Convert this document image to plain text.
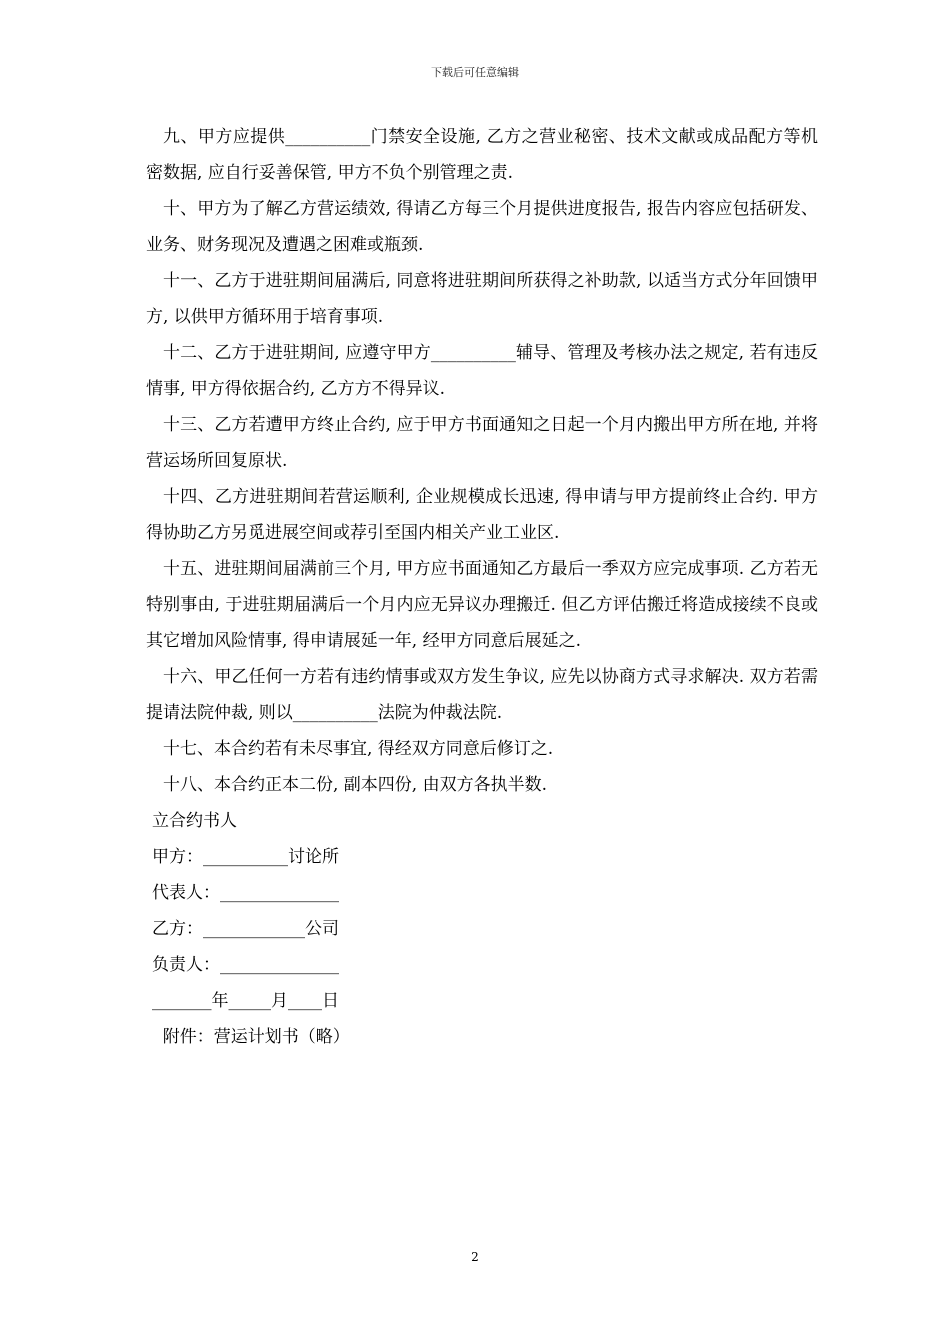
下载后可任意编辑

九、甲方应提供__________门禁安全设施, 乙方之营业秘密、技术文献或成品配方等机密数据, 应自行妥善保管, 甲方不负个别管理之责.

十、甲方为了解乙方营运绩效, 得请乙方每三个月提供进度报告, 报告内容应包括研发、业务、财务现况及遭遇之困难或瓶颈.

十一、乙方于进驻期间届满后, 同意将进驻期间所获得之补助款, 以适当方式分年回馈甲方, 以供甲方循环用于培育事项.

十二、乙方于进驻期间, 应遵守甲方__________辅导、管理及考核办法之规定, 若有违反情事, 甲方得依据合约, 乙方方不得异议.

十三、乙方若遭甲方终止合约, 应于甲方书面通知之日起一个月内搬出甲方所在地, 并将营运场所回复原状.

十四、乙方进驻期间若营运顺利, 企业规模成长迅速, 得申请与甲方提前终止合约. 甲方得协助乙方另觅进展空间或荐引至国内相关产业工业区.

十五、进驻期间届满前三个月, 甲方应书面通知乙方最后一季双方应完成事项. 乙方若无特别事由, 于进驻期届满后一个月内应无异议办理搬迁. 但乙方评估搬迁将造成接续不良或其它增加风险情事, 得申请展延一年, 经甲方同意后展延之.

十六、甲乙任何一方若有违约情事或双方发生争议, 应先以协商方式寻求解决. 双方若需提请法院仲裁, 则以__________法院为仲裁法院.

十七、本合约若有未尽事宜, 得经双方同意后修订之.

十八、本合约正本二份, 副本四份, 由双方各执半数.

立合约书人

甲方：__________讨论所

代表人：______________

乙方：____________公司

负责人：______________

_______年_____月____日

附件：营运计划书（略）

2
